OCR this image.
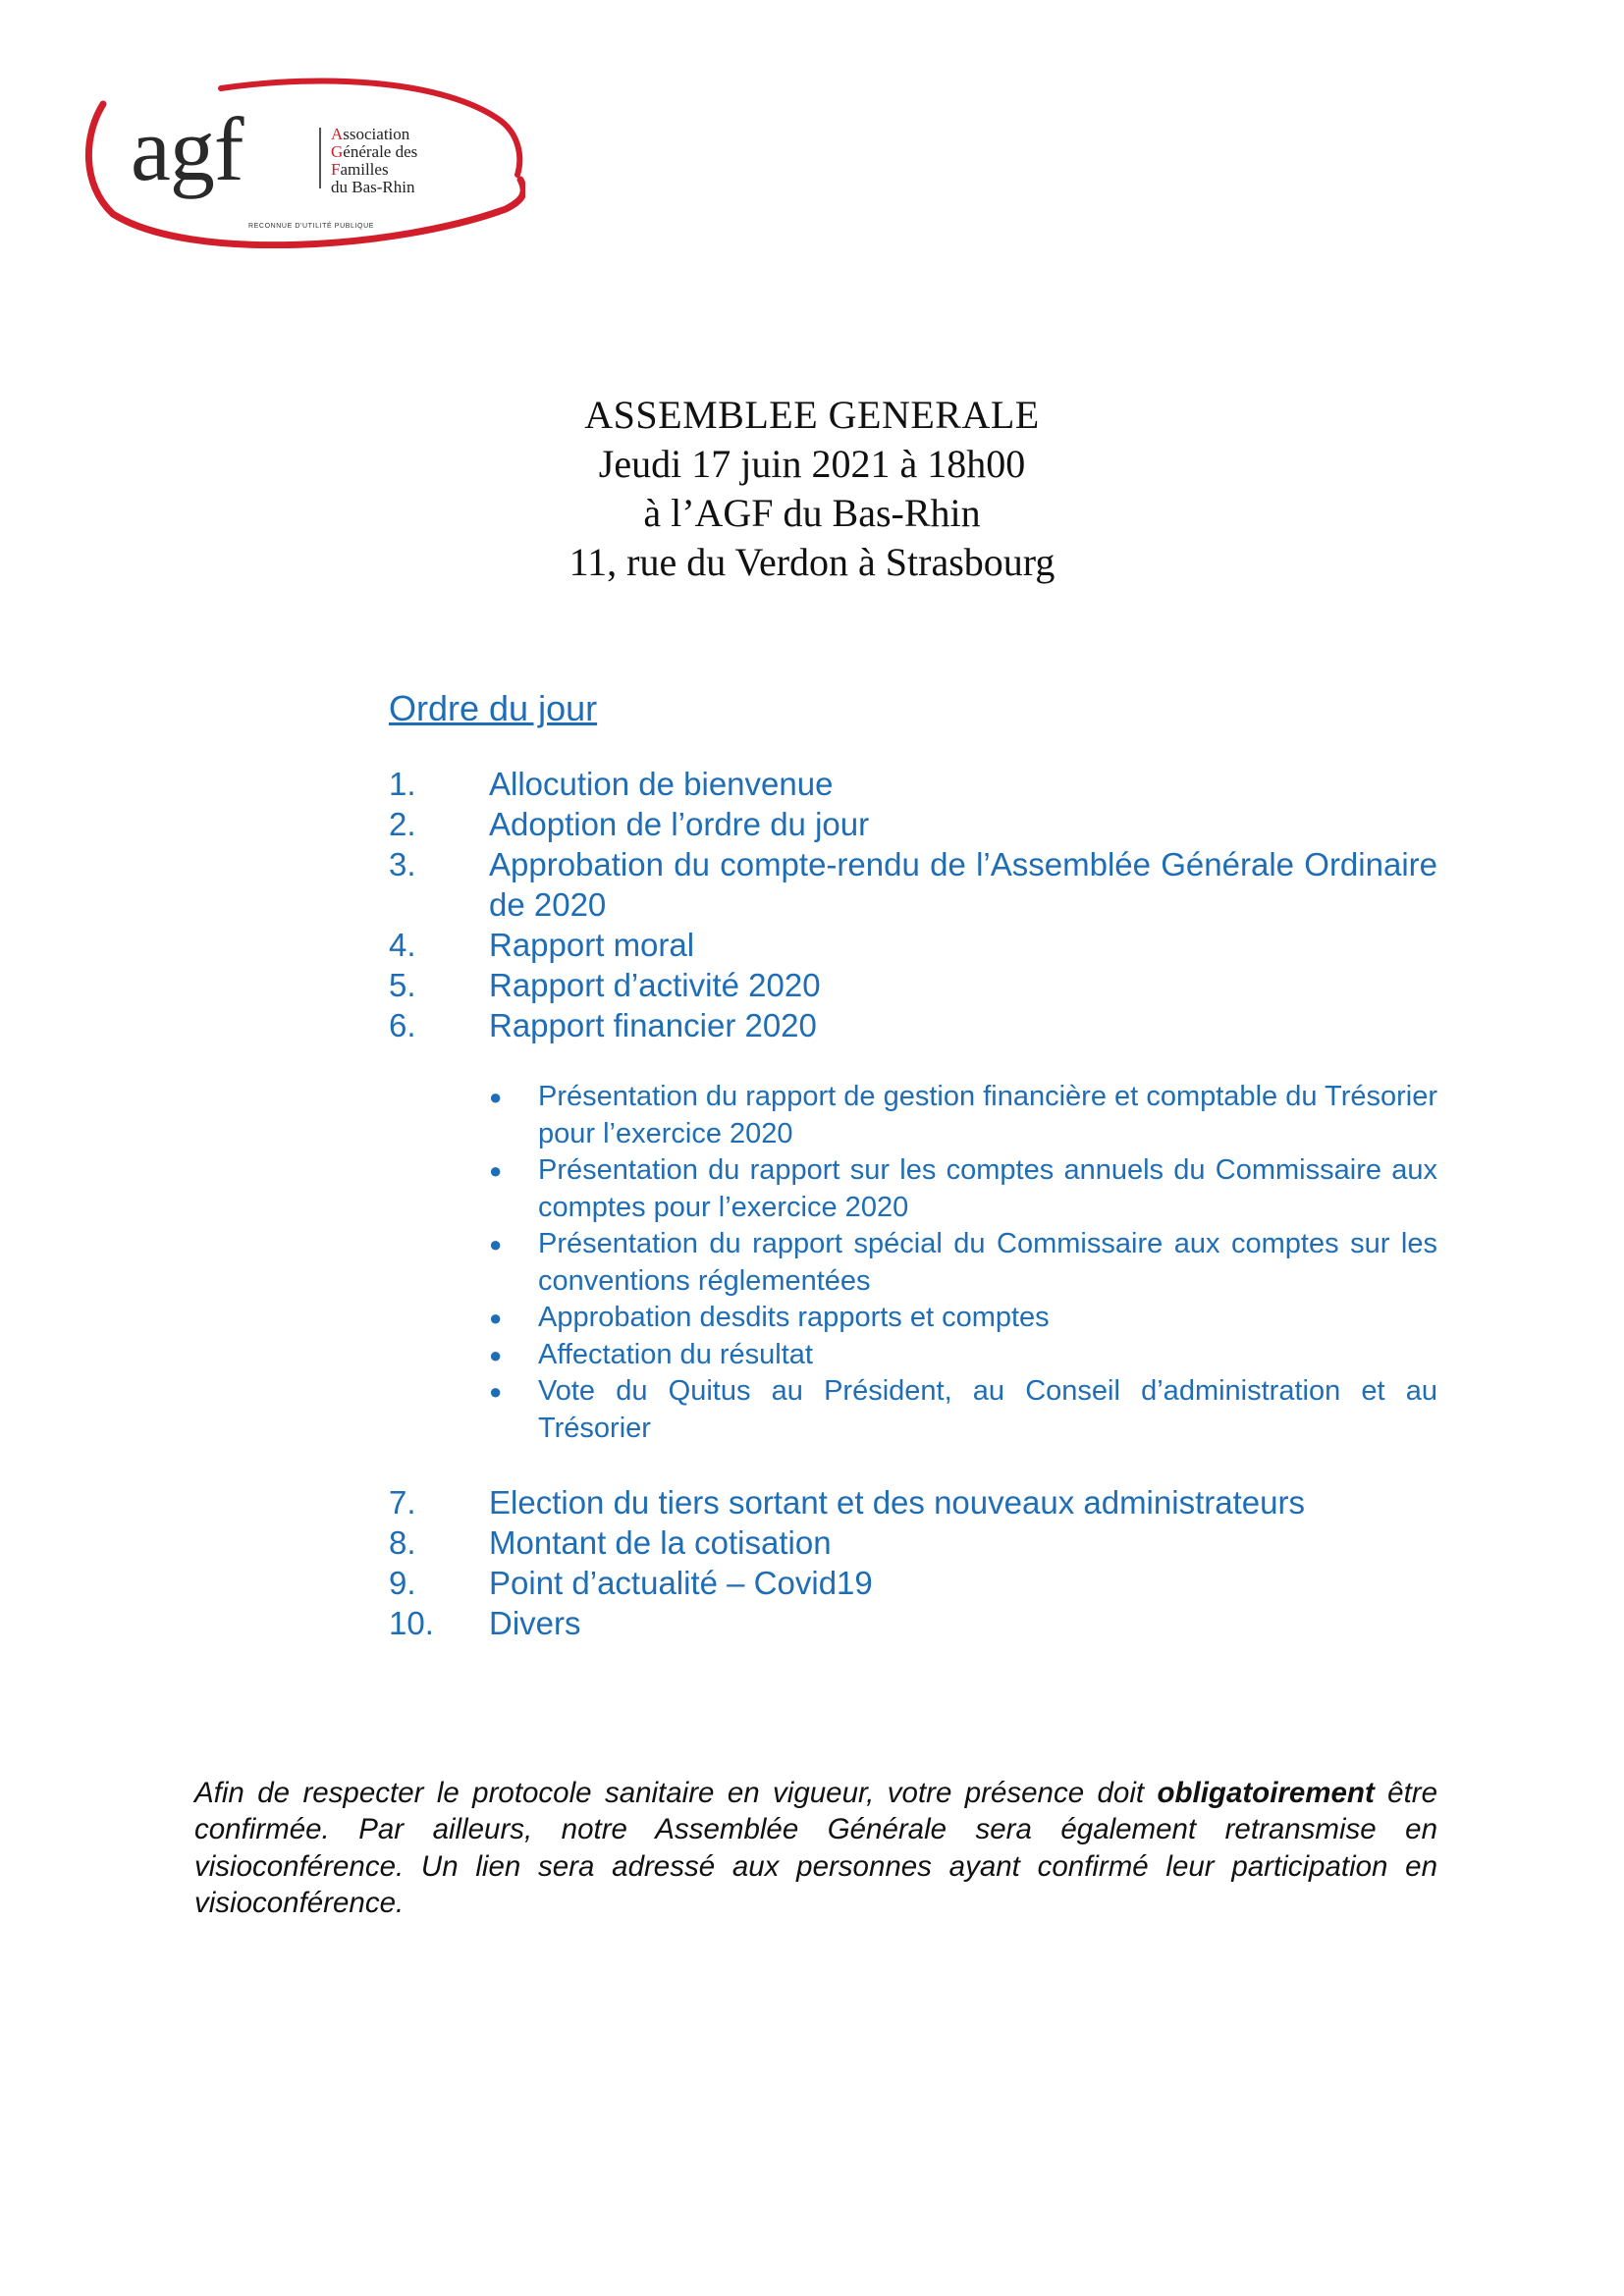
agf	Association
Générale des
Familles
du Bas-Rhin
RECONNUE D'UTILITÉ PUBLIQUE
ASSEMBLEE GENERALE
Jeudi 17 juin 2021 à 18h00
à l’AGF du Bas-Rhin
11, rue du Verdon à Strasbourg
Ordre du jour
1.	Allocution de bienvenue
2.	Adoption de l’ordre du jour
3.	Approbation du compte-rendu de l’Assemblée Générale Ordinaire de 2020
4.	Rapport moral
5.	Rapport d’activité 2020
6.	Rapport financier 2020
●	Présentation du rapport de gestion financière et comptable du Trésorier pour l’exercice 2020
●	Présentation du rapport sur les comptes annuels du Commissaire aux comptes pour l’exercice 2020
●	Présentation du rapport spécial du Commissaire aux comptes sur les conventions réglementées
●	Approbation desdits rapports et comptes
●	Affectation du résultat
●	Vote du Quitus au Président, au Conseil d’administration et au Trésorier
7.	Election du tiers sortant et des nouveaux administrateurs
8.	Montant de la cotisation
9.	Point d’actualité – Covid19
10.	Divers

Afin de respecter le protocole sanitaire en vigueur, votre présence doit obligatoirement être confirmée. Par ailleurs, notre Assemblée Générale sera également retransmise en visioconférence. Un lien sera adressé aux personnes ayant confirmé leur participation en visioconférence.
